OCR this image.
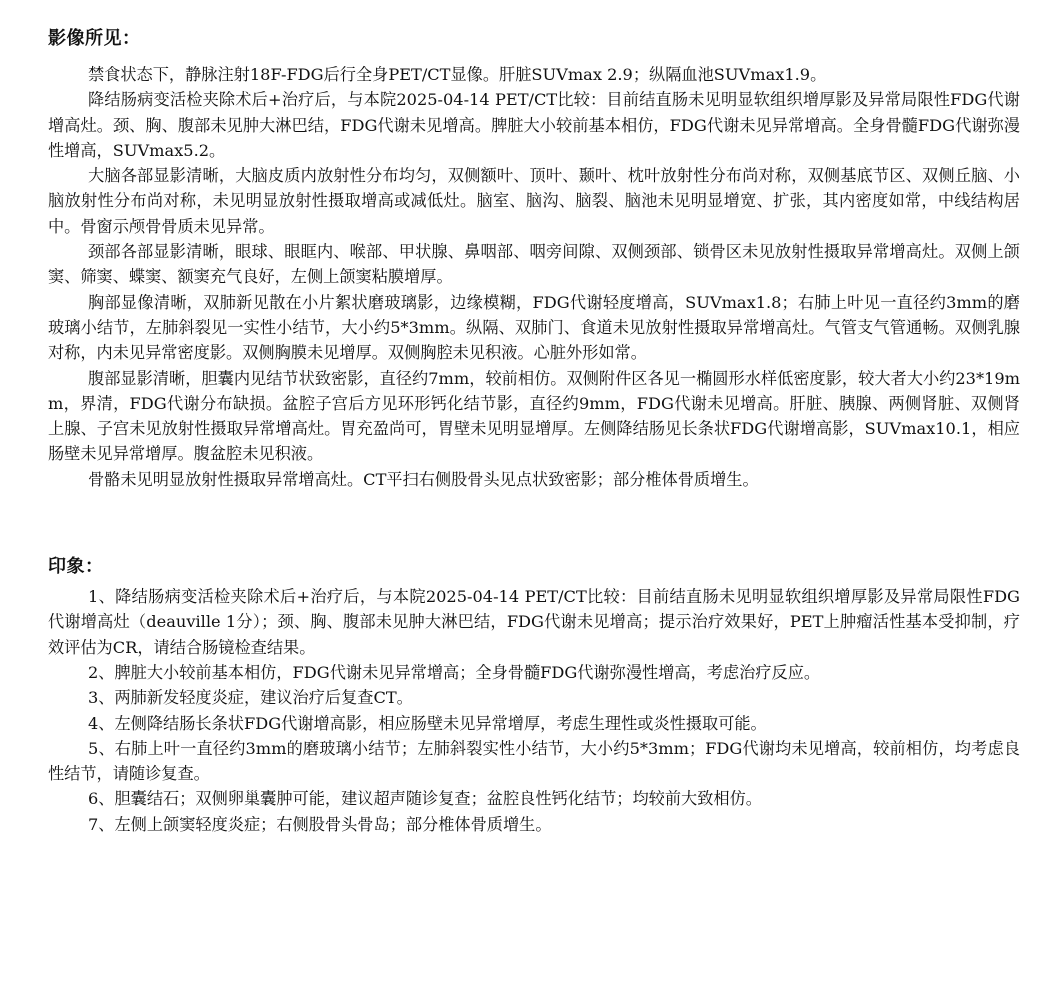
影像所见：

禁食状态下，静脉注射18F-FDG后行全身PET/CT显像。肝脏SUVmax 2.9；纵隔血池SUVmax1.9。

降结肠病变活检夹除术后+治疗后，与本院2025-04-14 PET/CT比较：目前结直肠未见明显软组织增厚影及异常局限性FDG代谢增高灶。颈、胸、腹部未见肿大淋巴结，FDG代谢未见增高。脾脏大小较前基本相仿，FDG代谢未见异常增高。全身骨髓FDG代谢弥漫性增高，SUVmax5.2。

大脑各部显影清晰，大脑皮质内放射性分布均匀，双侧额叶、顶叶、颞叶、枕叶放射性分布尚对称，双侧基底节区、双侧丘脑、小脑放射性分布尚对称，未见明显放射性摄取增高或减低灶。脑室、脑沟、脑裂、脑池未见明显增宽、扩张，其内密度如常，中线结构居中。骨窗示颅骨骨质未见异常。

颈部各部显影清晰，眼球、眼眶内、喉部、甲状腺、鼻咽部、咽旁间隙、双侧颈部、锁骨区未见放射性摄取异常增高灶。双侧上颌窦、筛窦、蝶窦、额窦充气良好，左侧上颌窦粘膜增厚。

胸部显像清晰，双肺新见散在小片絮状磨玻璃影，边缘模糊，FDG代谢轻度增高，SUVmax1.8；右肺上叶见一直径约3mm的磨玻璃小结节，左肺斜裂见一实性小结节，大小约5*3mm。纵隔、双肺门、食道未见放射性摄取异常增高灶。气管支气管通畅。双侧乳腺对称，内未见异常密度影。双侧胸膜未见增厚。双侧胸腔未见积液。心脏外形如常。

腹部显影清晰，胆囊内见结节状致密影，直径约7mm，较前相仿。双侧附件区各见一椭圆形水样低密度影，较大者大小约23*19mm，界清，FDG代谢分布缺损。盆腔子宫后方见环形钙化结节影，直径约9mm，FDG代谢未见增高。肝脏、胰腺、两侧肾脏、双侧肾上腺、子宫未见放射性摄取异常增高灶。胃充盈尚可，胃壁未见明显增厚。左侧降结肠见长条状FDG代谢增高影，SUVmax10.1，相应肠壁未见异常增厚。腹盆腔未见积液。

骨骼未见明显放射性摄取异常增高灶。CT平扫右侧股骨头见点状致密影；部分椎体骨质增生。

印象：

1、降结肠病变活检夹除术后+治疗后，与本院2025-04-14 PET/CT比较：目前结直肠未见明显软组织增厚影及异常局限性FDG代谢增高灶（deauville 1分）；颈、胸、腹部未见肿大淋巴结，FDG代谢未见增高；提示治疗效果好，PET上肿瘤活性基本受抑制，疗效评估为CR，请结合肠镜检查结果。

2、脾脏大小较前基本相仿，FDG代谢未见异常增高；全身骨髓FDG代谢弥漫性增高，考虑治疗反应。

3、两肺新发轻度炎症，建议治疗后复查CT。

4、左侧降结肠长条状FDG代谢增高影，相应肠壁未见异常增厚，考虑生理性或炎性摄取可能。

5、右肺上叶一直径约3mm的磨玻璃小结节；左肺斜裂实性小结节，大小约5*3mm；FDG代谢均未见增高，较前相仿，均考虑良性结节，请随诊复查。

6、胆囊结石；双侧卵巢囊肿可能，建议超声随诊复查；盆腔良性钙化结节；均较前大致相仿。

7、左侧上颌窦轻度炎症；右侧股骨头骨岛；部分椎体骨质增生。
